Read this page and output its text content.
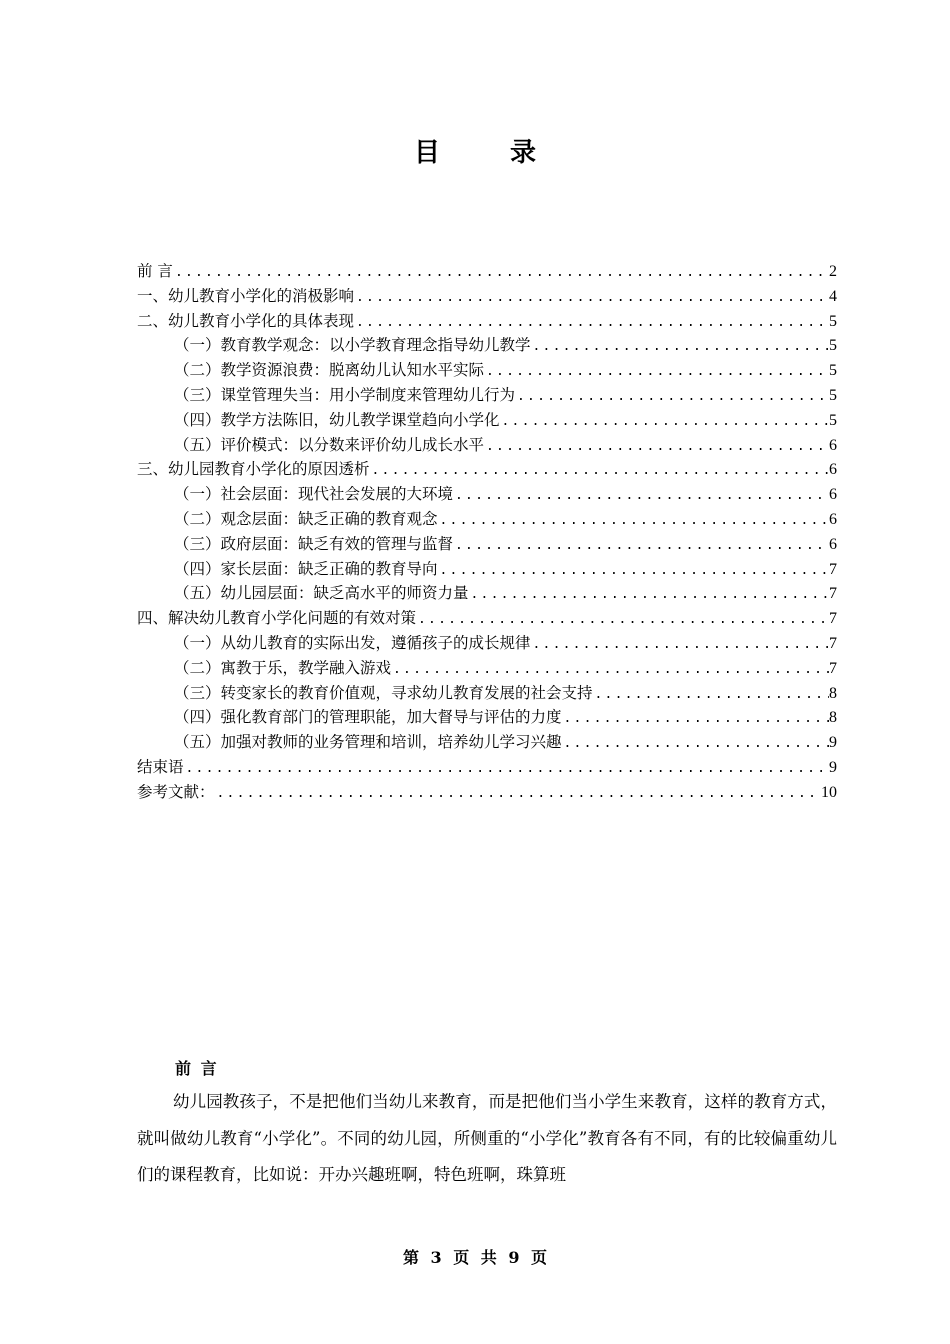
目　录
前 言 .....	2
一、幼儿教育小学化的消极影响 .....	4
二、幼儿教育小学化的具体表现 .....	5
（一）教育教学观念：以小学教育理念指导幼儿教学 .....	5
（二）教学资源浪费：脱离幼儿认知水平实际 .....	5
（三）课堂管理失当：用小学制度来管理幼儿行为 .....	5
（四）教学方法陈旧，幼儿教学课堂趋向小学化 .....	5
（五）评价模式：以分数来评价幼儿成长水平 .....	6
三、幼儿园教育小学化的原因透析 .....	6
（一）社会层面：现代社会发展的大环境 .....	6
（二）观念层面：缺乏正确的教育观念 .....	6
（三）政府层面：缺乏有效的管理与监督 .....	6
（四）家长层面：缺乏正确的教育导向 .....	7
（五）幼儿园层面：缺乏高水平的师资力量 .....	7
四、解决幼儿教育小学化问题的有效对策 .....	7
（一）从幼儿教育的实际出发，遵循孩子的成长规律 .....	7
（二）寓教于乐，教学融入游戏 .....	7
（三）转变家长的教育价值观，寻求幼儿教育发展的社会支持 .....	8
（四）强化教育部门的管理职能，加大督导与评估的力度 .....	8
（五）加强对教师的业务管理和培训，培养幼儿学习兴趣 .....	9
结束语 .....	9
参考文献： .....	10
前 言
幼儿园教孩子，不是把他们当幼儿来教育，而是把他们当小学生来教育，这样的教育方式，就叫做幼儿教育“小学化”。不同的幼儿园，所侧重的“小学化”教育各有不同，有的比较偏重幼儿们的课程教育，比如说：开办兴趣班啊，特色班啊，珠算班
第 3 页 共 9 页
